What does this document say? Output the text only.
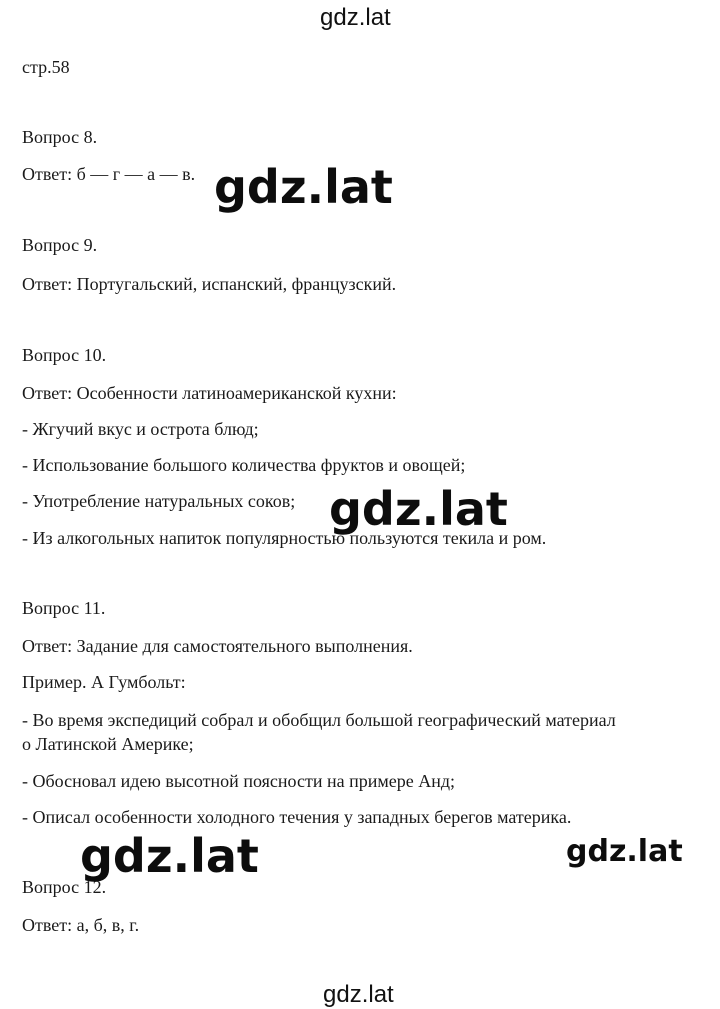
gdz.lat
стр.58
Вопрос 8.
Ответ: б — г — а — в.
Вопрос 9.
Ответ: Португальский, испанский, французский.
Вопрос 10.
Ответ: Особенности латиноамериканской кухни:
- Жгучий вкус и острота блюд;
- Использование большого количества фруктов и овощей;
- Употребление натуральных соков;
- Из алкогольных напиток популярностью пользуются текила и ром.
Вопрос 11.
Ответ: Задание для самостоятельного выполнения.
Пример. А Гумбольт:
- Во время экспедиций собрал и обобщил большой географический материал
о Латинской Америке;
- Обосновал идею высотной поясности на примере Анд;
- Описал особенности холодного течения у западных берегов материка.
Вопрос 12.
Ответ: а, б, в, г.
gdz.lat
gdz.lat
gdz.lat	gdz.lat
gdz.lat
